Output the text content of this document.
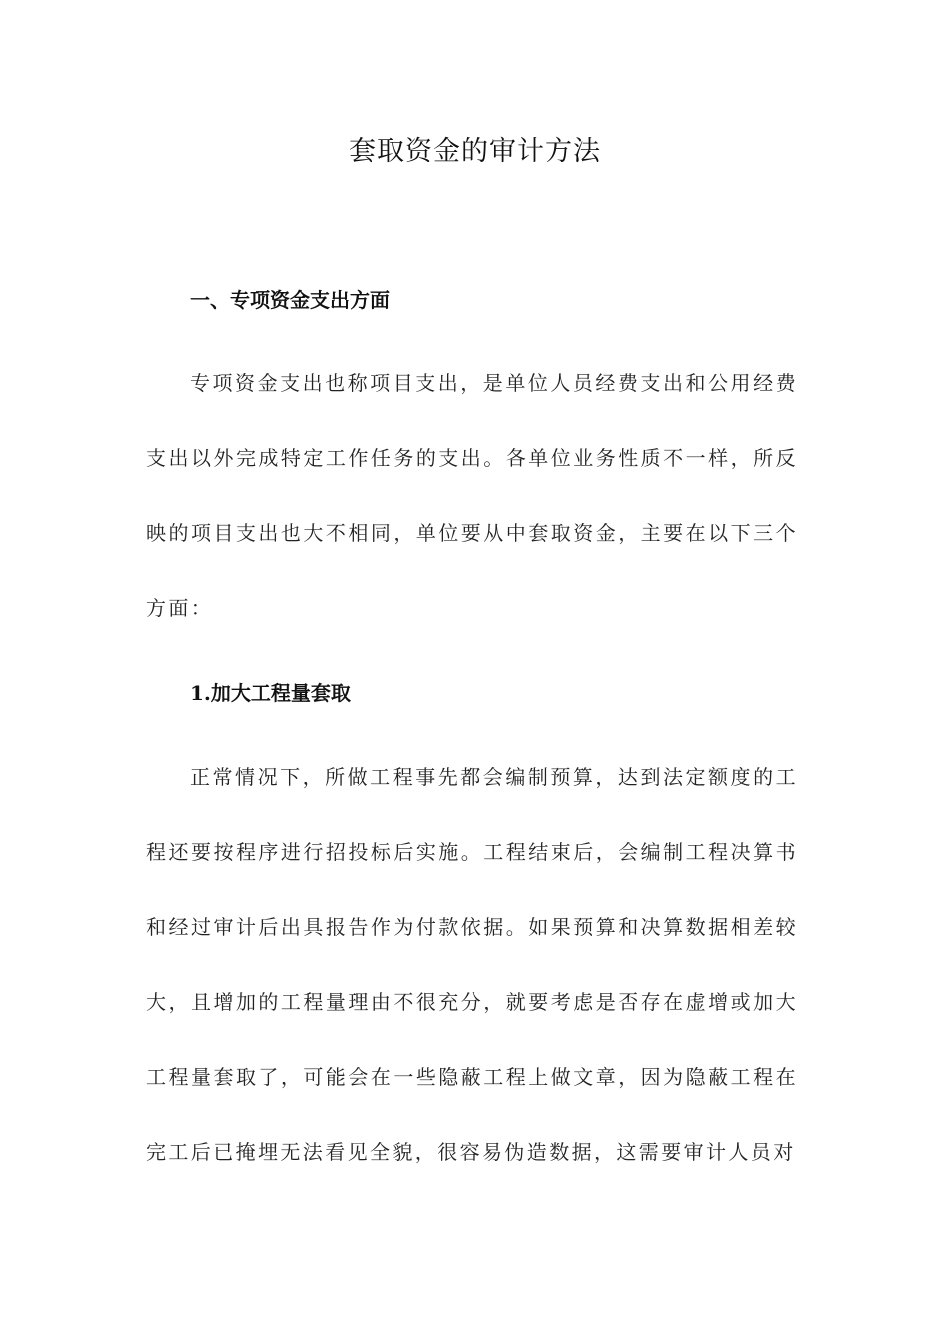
套取资金的审计方法
一、专项资金支出方面

专项资金支出也称项目支出，是单位人员经费支出和公用经费支出以外完成特定工作任务的支出。各单位业务性质不一样，所反映的项目支出也大不相同，单位要从中套取资金，主要在以下三个方面：

1.加大工程量套取

正常情况下，所做工程事先都会编制预算，达到法定额度的工程还要按程序进行招投标后实施。工程结束后，会编制工程决算书和经过审计后出具报告作为付款依据。如果预算和决算数据相差较大，且增加的工程量理由不很充分，就要考虑是否存在虚增或加大工程量套取了，可能会在一些隐蔽工程上做文章，因为隐蔽工程在完工后已掩埋无法看见全貌，很容易伪造数据，这需要审计人员对
